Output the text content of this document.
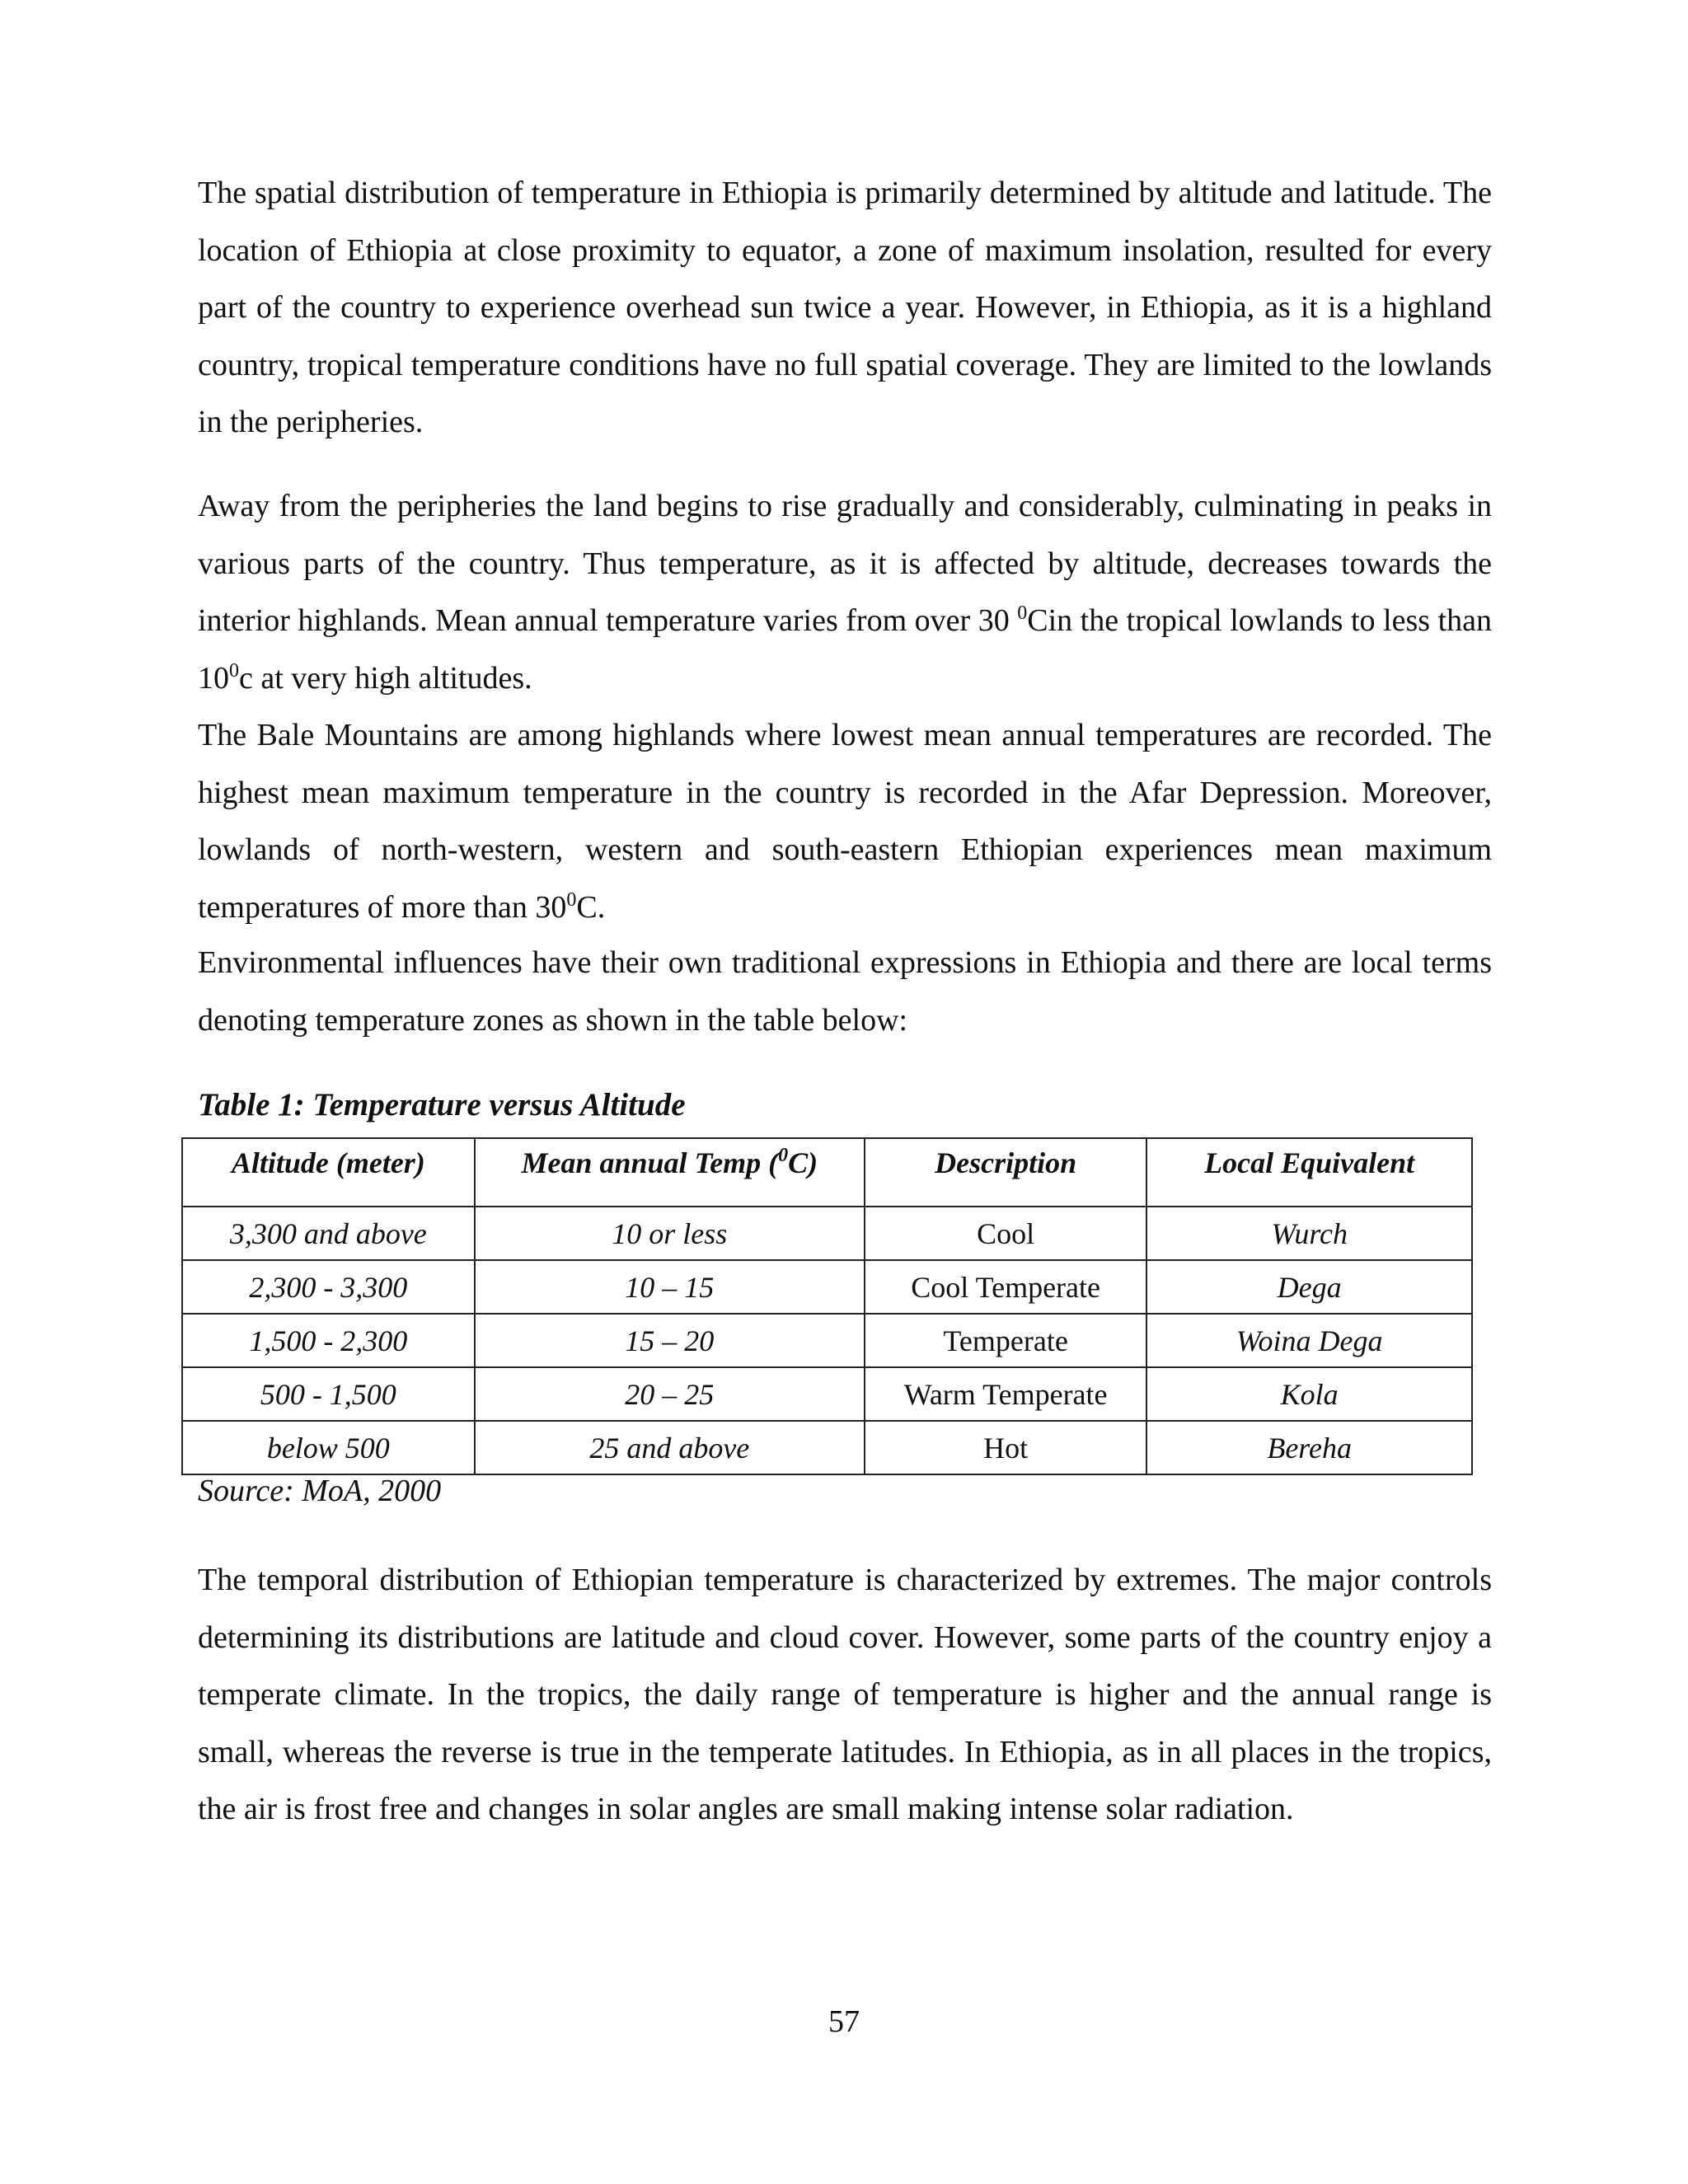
The spatial distribution of temperature in Ethiopia is primarily determined by altitude and latitude. The location of Ethiopia at close proximity to equator, a zone of maximum insolation, resulted for every part of the country to experience overhead sun twice a year. However, in Ethiopia, as it is a highland country, tropical temperature conditions have no full spatial coverage. They are limited to the lowlands in the peripheries.

Away from the peripheries the land begins to rise gradually and considerably, culminating in peaks in various parts of the country. Thus temperature, as it is affected by altitude, decreases towards the interior highlands. Mean annual temperature varies from over 30 $^0$Cin the tropical lowlands to less than $10^0c$ at very high altitudes.

The Bale Mountains are among highlands where lowest mean annual temperatures are recorded. The highest mean maximum temperature in the country is recorded in the Afar Depression. Moreover, lowlands of north-western, western and south-eastern Ethiopian experiences mean maximum temperatures of more than $30^0C$.

Environmental influences have their own traditional expressions in Ethiopia and there are local terms denoting temperature zones as shown in the table below:

Table 1: Temperature versus Altitude

Altitude (meter)	Mean annual Temp ($^0$C)	Description	Local Equivalent
3,300 and above	10 or less	Cool	Wurch
2,300 - 3,300	10 – 15	Cool Temperate	Dega
1,500 - 2,300	15 – 20	Temperate	Woina Dega
500 - 1,500	20 – 25	Warm Temperate	Kola
below 500	25 and above	Hot	Bereha

Source: MoA, 2000

The temporal distribution of Ethiopian temperature is characterized by extremes. The major controls determining its distributions are latitude and cloud cover. However, some parts of the country enjoy a temperate climate. In the tropics, the daily range of temperature is higher and the annual range is small, whereas the reverse is true in the temperate latitudes. In Ethiopia, as in all places in the tropics, the air is frost free and changes in solar angles are small making intense solar radiation.

57
